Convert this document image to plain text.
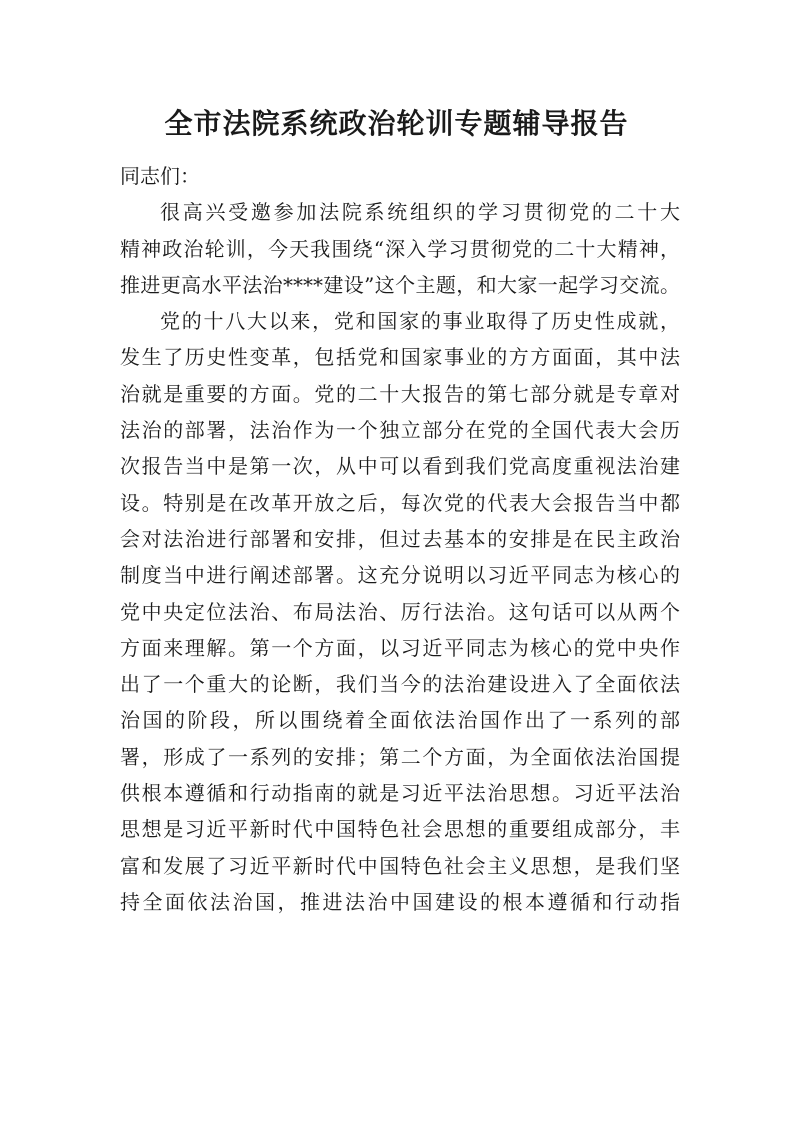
全市法院系统政治轮训专题辅导报告
同志们：
很高兴受邀参加法院系统组织的学习贯彻党的二十大
精神政治轮训，今天我围绕“深入学习贯彻党的二十大精神，
推进更高水平法治****建设”这个主题，和大家一起学习交流。
党的十八大以来，党和国家的事业取得了历史性成就，
发生了历史性变革，包括党和国家事业的方方面面，其中法
治就是重要的方面。党的二十大报告的第七部分就是专章对
法治的部署，法治作为一个独立部分在党的全国代表大会历
次报告当中是第一次，从中可以看到我们党高度重视法治建
设。特别是在改革开放之后，每次党的代表大会报告当中都
会对法治进行部署和安排，但过去基本的安排是在民主政治
制度当中进行阐述部署。这充分说明以习近平同志为核心的
党中央定位法治、布局法治、厉行法治。这句话可以从两个
方面来理解。第一个方面，以习近平同志为核心的党中央作
出了一个重大的论断，我们当今的法治建设进入了全面依法
治国的阶段，所以围绕着全面依法治国作出了一系列的部
署，形成了一系列的安排；第二个方面，为全面依法治国提
供根本遵循和行动指南的就是习近平法治思想。习近平法治
思想是习近平新时代中国特色社会思想的重要组成部分，丰
富和发展了习近平新时代中国特色社会主义思想，是我们坚
持全面依法治国，推进法治中国建设的根本遵循和行动指
